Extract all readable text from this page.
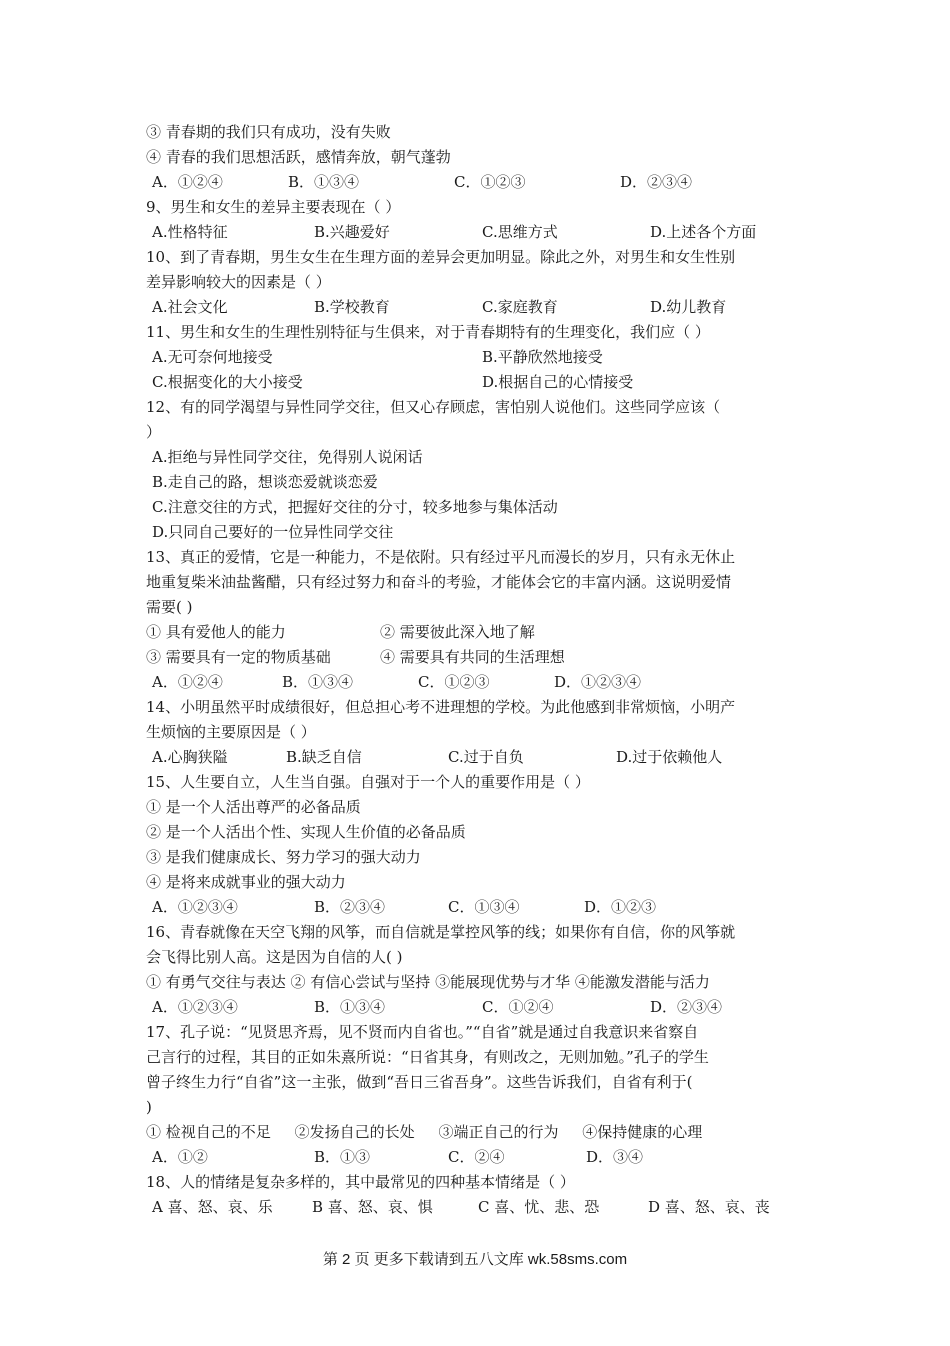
③ 青春期的我们只有成功，没有失败
④ 青春的我们思想活跃，感情奔放，朝气蓬勃
A．①②④	B．①③④	C．①②③	D．②③④
9、男生和女生的差异主要表现在（ ）
A.性格特征	B.兴趣爱好	C.思维方式	D.上述各个方面
10、到了青春期，男生女生在生理方面的差异会更加明显。除此之外，对男生和女生性别
差异影响较大的因素是（ ）
A.社会文化	B.学校教育	C.家庭教育	D.幼儿教育
11、男生和女生的生理性别特征与生俱来，对于青春期特有的生理变化，我们应（ ）
A.无可奈何地接受	B.平静欣然地接受
C.根据变化的大小接受	D.根据自己的心情接受
12、有的同学渴望与异性同学交往，但又心存顾虑，害怕别人说他们。这些同学应该（
）
A.拒绝与异性同学交往，免得别人说闲话
B.走自己的路，想谈恋爱就谈恋爱
C.注意交往的方式，把握好交往的分寸，较多地参与集体活动
D.只同自己要好的一位异性同学交往
13、真正的爱情，它是一种能力，不是依附。只有经过平凡而漫长的岁月，只有永无休止
地重复柴米油盐酱醋，只有经过努力和奋斗的考验，才能体会它的丰富内涵。这说明爱情
需要( )
① 具有爱他人的能力	② 需要彼此深入地了解
③ 需要具有一定的物质基础	④ 需要具有共同的生活理想
A．①②④	B．①③④	C．①②③	D．①②③④
14、小明虽然平时成绩很好，但总担心考不进理想的学校。为此他感到非常烦恼，小明产
生烦恼的主要原因是（ ）
A.心胸狭隘	B.缺乏自信	C.过于自负	D.过于依赖他人
15、人生要自立，人生当自强。自强对于一个人的重要作用是（ ）
① 是一个人活出尊严的必备品质
② 是一个人活出个性、实现人生价值的必备品质
③ 是我们健康成长、努力学习的强大动力
④ 是将来成就事业的强大动力
A．①②③④	B．②③④	C．①③④	D．①②③
16、青春就像在天空飞翔的风筝，而自信就是掌控风筝的线；如果你有自信，你的风筝就
会飞得比别人高。这是因为自信的人( )
① 有勇气交往与表达 ② 有信心尝试与坚持 ③能展现优势与才华 ④能激发潜能与活力
A．①②③④	B．①③④	C．①②④	D．②③④
17、孔子说：“见贤思齐焉，见不贤而内自省也。”“自省”就是通过自我意识来省察自
己言行的过程，其目的正如朱熹所说：“日省其身，有则改之，无则加勉。”孔子的学生
曾子终生力行“自省”这一主张，做到“吾日三省吾身”。这些告诉我们，自省有利于(
)
① 检视自己的不足     ②发扬自己的长处     ③端正自己的行为     ④保持健康的心理
A．①②	B．①③	C．②④	D．③④
18、人的情绪是复杂多样的，其中最常见的四种基本情绪是（ ）
A 喜、怒、哀、乐	B 喜、怒、哀、惧	C 喜、忧、悲、恐	D 喜、怒、哀、丧
第 2 页 更多下载请到五八文库 wk.58sms.com
